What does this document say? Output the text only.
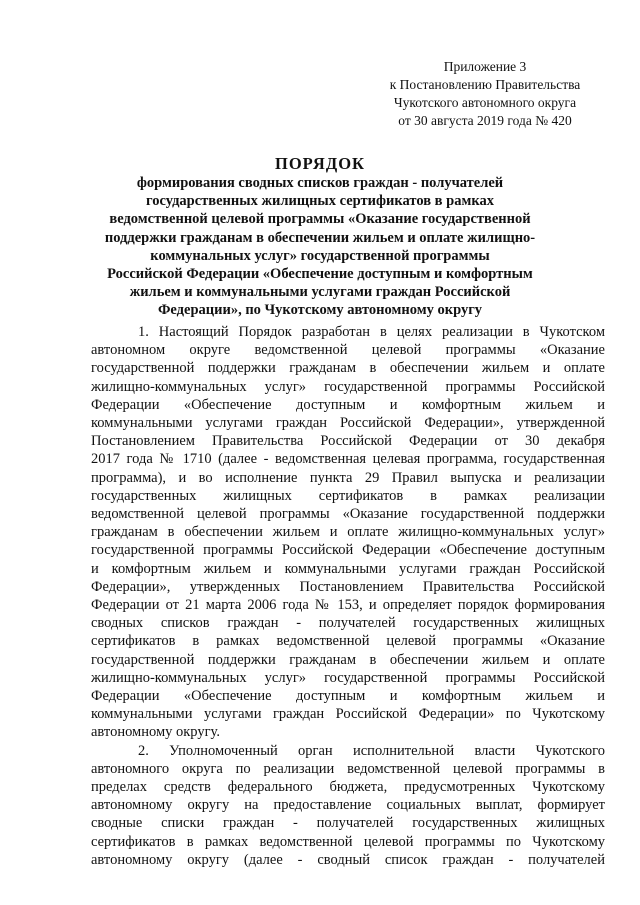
Приложение 3
к Постановлению Правительства
Чукотского автономного округа
от 30 августа 2019 года № 420
ПОРЯДОК
формирования сводных списков граждан - получателей
государственных жилищных сертификатов в рамках
ведомственной целевой программы «Оказание государственной
поддержки гражданам в обеспечении жильем и оплате жилищно-
коммунальных услуг» государственной программы
Российской Федерации «Обеспечение доступным и комфортным
жильем и коммунальными услугами граждан Российской
Федерации», по Чукотскому автономному округу
1. Настоящий Порядок разработан в целях реализации в Чукотском
автономном округе ведомственной целевой программы «Оказание
государственной поддержки гражданам в обеспечении жильем и оплате
жилищно-коммунальных услуг» государственной программы Российской
Федерации «Обеспечение доступным и комфортным жильем и
коммунальными услугами граждан Российской Федерации», утвержденной
Постановлением Правительства Российской Федерации от 30 декабря
2017 года № 1710 (далее - ведомственная целевая программа, государственная
программа), и во исполнение пункта 29 Правил выпуска и реализации
государственных жилищных сертификатов в рамках реализации
ведомственной целевой программы «Оказание государственной поддержки
гражданам в обеспечении жильем и оплате жилищно-коммунальных услуг»
государственной программы Российской Федерации «Обеспечение доступным
и комфортным жильем и коммунальными услугами граждан Российской
Федерации», утвержденных Постановлением Правительства Российской
Федерации от 21 марта 2006 года № 153, и определяет порядок формирования
сводных списков граждан - получателей государственных жилищных
сертификатов в рамках ведомственной целевой программы «Оказание
государственной поддержки гражданам в обеспечении жильем и оплате
жилищно-коммунальных услуг» государственной программы Российской
Федерации «Обеспечение доступным и комфортным жильем и
коммунальными услугами граждан Российской Федерации» по Чукотскому
автономному округу.
2. Уполномоченный орган исполнительной власти Чукотского
автономного округа по реализации ведомственной целевой программы в
пределах средств федерального бюджета, предусмотренных Чукотскому
автономному округу на предоставление социальных выплат, формирует
сводные списки граждан - получателей государственных жилищных
сертификатов в рамках ведомственной целевой программы по Чукотскому
автономному округу (далее - сводный список граждан - получателей
